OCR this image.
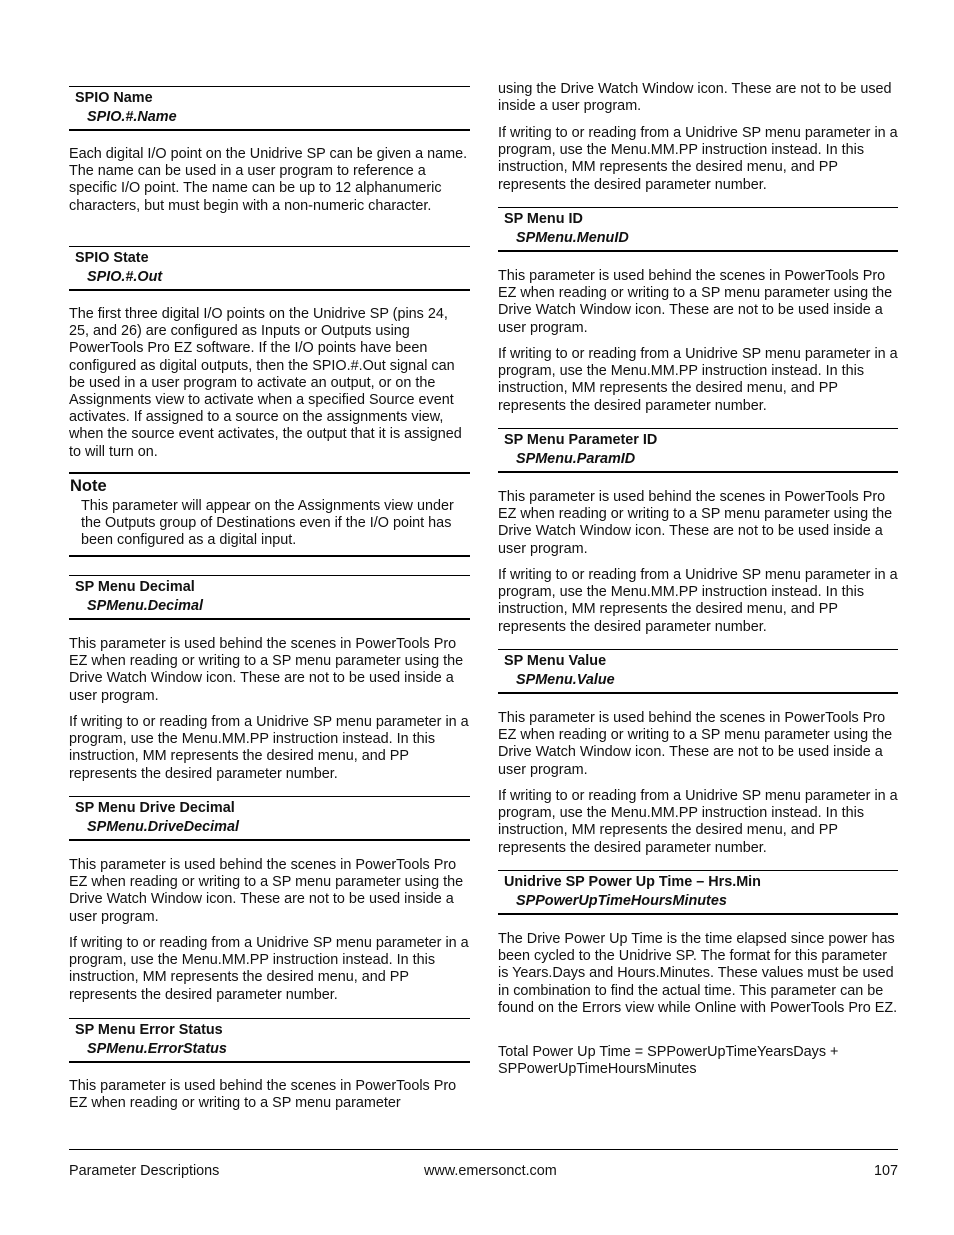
SPIO Name
SPIO.#.Name

Each digital I/O point on the Unidrive SP can be given a name. The name can be used in a user program to reference a specific I/O point. The name can be up to 12 alphanumeric characters, but must begin with a non-numeric character.

SPIO State
SPIO.#.Out

The first three digital I/O points on the Unidrive SP (pins 24, 25, and 26) are configured as Inputs or Outputs using PowerTools Pro EZ software. If the I/O points have been configured as digital outputs, then the SPIO.#.Out signal can be used in a user program to activate an output, or on the Assignments view to activate when a specified Source event activates. If assigned to a source on the assignments view, when the source event activates, the output that it is assigned to will turn on.

Note

This parameter will appear on the Assignments view under the Outputs group of Destinations even if the I/O point has been configured as a digital input.

SP Menu Decimal
SPMenu.Decimal

This parameter is used behind the scenes in PowerTools Pro EZ when reading or writing to a SP menu parameter using the Drive Watch Window icon. These are not to be used inside a user program.

If writing to or reading from a Unidrive SP menu parameter in a program, use the Menu.MM.PP instruction instead. In this instruction, MM represents the desired menu, and PP represents the desired parameter number.

SP Menu Drive Decimal
SPMenu.DriveDecimal

This parameter is used behind the scenes in PowerTools Pro EZ when reading or writing to a SP menu parameter using the Drive Watch Window icon. These are not to be used inside a user program.

If writing to or reading from a Unidrive SP menu parameter in a program, use the Menu.MM.PP instruction instead. In this instruction, MM represents the desired menu, and PP represents the desired parameter number.

SP Menu Error Status
SPMenu.ErrorStatus

This parameter is used behind the scenes in PowerTools Pro EZ when reading or writing to a SP menu parameter

using the Drive Watch Window icon. These are not to be used inside a user program.

If writing to or reading from a Unidrive SP menu parameter in a program, use the Menu.MM.PP instruction instead. In this instruction, MM represents the desired menu, and PP represents the desired parameter number.

SP Menu ID
SPMenu.MenuID

This parameter is used behind the scenes in PowerTools Pro EZ when reading or writing to a SP menu parameter using the Drive Watch Window icon. These are not to be used inside a user program.

If writing to or reading from a Unidrive SP menu parameter in a program, use the Menu.MM.PP instruction instead. In this instruction, MM represents the desired menu, and PP represents the desired parameter number.

SP Menu Parameter ID
SPMenu.ParamID

This parameter is used behind the scenes in PowerTools Pro EZ when reading or writing to a SP menu parameter using the Drive Watch Window icon. These are not to be used inside a user program.

If writing to or reading from a Unidrive SP menu parameter in a program, use the Menu.MM.PP instruction instead. In this instruction, MM represents the desired menu, and PP represents the desired parameter number.

SP Menu Value
SPMenu.Value

This parameter is used behind the scenes in PowerTools Pro EZ when reading or writing to a SP menu parameter using the Drive Watch Window icon. These are not to be used inside a user program.

If writing to or reading from a Unidrive SP menu parameter in a program, use the Menu.MM.PP instruction instead. In this instruction, MM represents the desired menu, and PP represents the desired parameter number.

Unidrive SP Power Up Time – Hrs.Min
SPPowerUpTimeHoursMinutes

The Drive Power Up Time is the time elapsed since power has been cycled to the Unidrive SP. The format for this parameter is Years.Days and Hours.Minutes. These values must be used in combination to find the actual time. This parameter can be found on the Errors view while Online with PowerTools Pro EZ.

Total Power Up Time = SPPowerUpTimeYearsDays + SPPowerUpTimeHoursMinutes

Parameter Descriptions	www.emersonct.com	107
